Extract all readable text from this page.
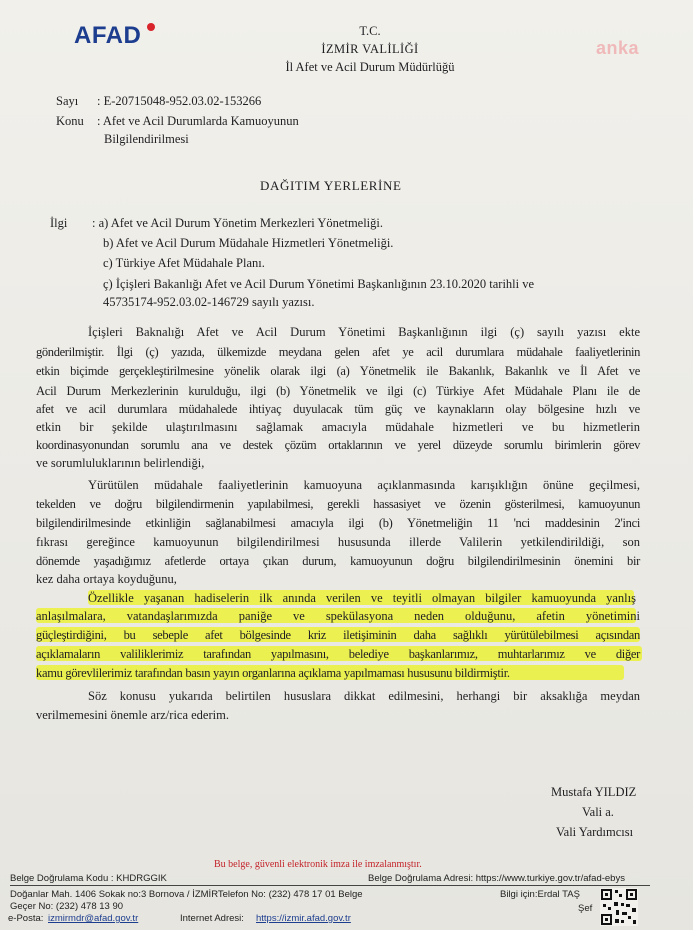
AFAD	anka
T.C.
İZMİR VALİLİĞİ
İl Afet ve Acil Durum Müdürlüğü
Sayı : E-20715048-952.03.02-153266
Konu : Afet ve Acil Durumlarda Kamuoyunun
Bilgilendirilmesi
DAĞITIM YERLERİNE
İlgi : a) Afet ve Acil Durum Yönetim Merkezleri Yönetmeliği.
b) Afet ve Acil Durum Müdahale Hizmetleri Yönetmeliği.
c) Türkiye Afet Müdahale Planı.
ç) İçişleri Bakanlığı Afet ve Acil Durum Yönetimi Başkanlığının 23.10.2020 tarihli ve
45735174-952.03.02-146729 sayılı yazısı.
İçişleri Baknalığı Afet ve Acil Durum Yönetimi Başkanlığının ilgi (ç) sayılı yazısı ekte
gönderilmiştir. İlgi (ç) yazıda, ülkemizde meydana gelen afet ye acil durumlara müdahale faaliyetlerinin
etkin biçimde gerçekleştirilmesine yönelik olarak ilgi (a) Yönetmelik ile Bakanlık, Bakanlık ve İl Afet ve
Acil Durum Merkezlerinin kurulduğu, ilgi (b) Yönetmelik ve ilgi (c) Türkiye Afet Müdahale Planı ile de
afet ve acil durumlara müdahalede ihtiyaç duyulacak tüm güç ve kaynakların olay bölgesine hızlı ve
etkin bir şekilde ulaştırılmasını sağlamak amacıyla müdahale hizmetleri ve bu hizmetlerin
koordinasyonundan sorumlu ana ve destek çözüm ortaklarının ve yerel düzeyde sorumlu birimlerin görev
ve sorumluluklarının belirlendiği,
Yürütülen müdahale faaliyetlerinin kamuoyuna açıklanmasında karışıklığın önüne geçilmesi,
tekelden ve doğru bilgilendirmenin yapılabilmesi, gerekli hassasiyet ve özenin gösterilmesi, kamuoyunun
bilgilendirilmesinde etkinliğin sağlanabilmesi amacıyla ilgi (b) Yönetmeliğin 11 'nci maddesinin 2'inci
fıkrası gereğince kamuoyunun bilgilendirilmesi hususunda illerde Valilerin yetkilendirildiği, son
dönemde yaşadığımız afetlerde ortaya çıkan durum, kamuoyunun doğru bilgilendirilmesinin önemini bir
kez daha ortaya koyduğunu,
Özellikle yaşanan hadiselerin ilk anında verilen ve teyitli olmayan bilgiler kamuoyunda yanlış
anlaşılmalara, vatandaşlarımızda paniğe ve spekülasyona neden olduğunu, afetin yönetimini
güçleştirdiğini, bu sebeple afet bölgesinde kriz iletişiminin daha sağlıklı yürütülebilmesi açısından
açıklamaların valiliklerimiz tarafından yapılmasını, belediye başkanlarımız, muhtarlarımız ve diğer
kamu görevlilerimiz tarafından basın yayın organlarına açıklama yapılmaması hususunu bildirmiştir.
Söz konusu yukarıda belirtilen hususlara dikkat edilmesini, herhangi bir aksaklığa meydan
verilmemesini önemle arz/rica ederim.
Mustafa YILDIZ
Vali a.
Vali Yardımcısı
Bu belge, güvenli elektronik imza ile imzalanmıştır.
Belge Doğrulama Kodu : KHDRGGIK	Belge Doğrulama Adresi: https://www.turkiye.gov.tr/afad-ebys
Doğanlar Mah. 1406 Sokak no:3 Bornova / İZMİRTelefon No: (232) 478 17 01 Belge	Bilgi için:Erdal TAŞ
Geçer No: (232) 478 13 90	Şef
e-Posta: izmirmdr@afad.gov.tr	Internet Adresi: https://izmir.afad.gov.tr
